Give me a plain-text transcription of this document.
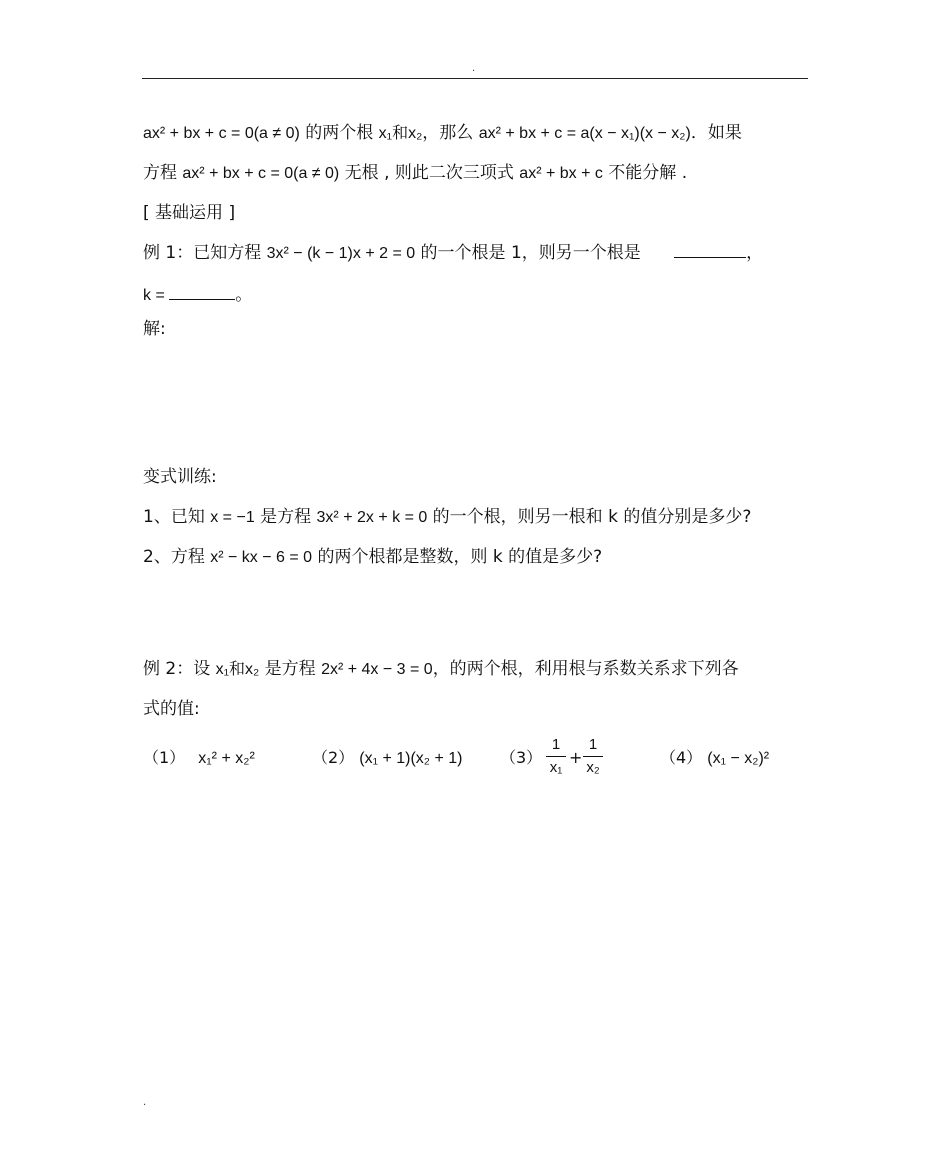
.
ax² + bx + c = 0(a ≠ 0) 的两个根 x₁和x₂，那么 ax² + bx + c = a(x − x₁)(x − x₂)．如果
方程 ax² + bx + c = 0(a ≠ 0) 无根 , 则此二次三项式 ax² + bx + c 不能分解 .
[ 基础运用 ]
例 1：已知方程 3x² − (k − 1)x + 2 = 0 的一个根是 1，则另一个根是	，
k =	。
解:
变式训练:
1、已知 x = −1 是方程 3x² + 2x + k = 0 的一个根，则另一根和 k 的值分别是多少?
2、方程 x² − kx − 6 = 0 的两个根都是整数，则 k 的值是多少?
例 2：设 x₁和x₂ 是方程 2x² + 4x − 3 = 0，的两个根，利用根与系数关系求下列各
式的值:
（1） x₁² + x₂²	（2） (x₁ + 1)(x₂ + 1) （3）
1
x₁
+
1
x₂
（4） (x₁ − x₂)²
.
